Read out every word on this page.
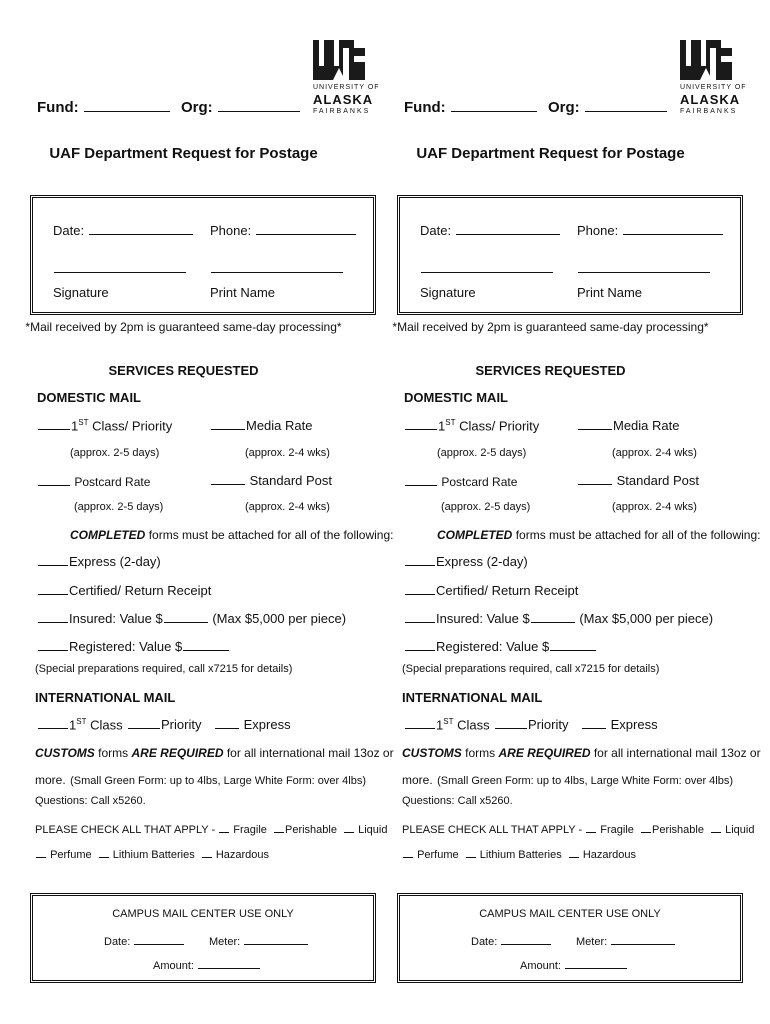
UNIVERSITY OF
ALASKA
FAIRBANKS
Fund:	Org:
UAF Department Request for Postage
Date:	Phone:
Signature	Print Name
*Mail received by 2pm is guaranteed same-day processing*
SERVICES REQUESTED
DOMESTIC MAIL
1ST Class/ Priority	Media Rate
(approx. 2-5 days)	(approx. 2-4 wks)
Postcard Rate	Standard Post
(approx. 2-5 days)	(approx. 2-4 wks)
COMPLETED forms must be attached for all of the following:
Express (2-day)
Certified/ Return Receipt
Insured: Value $	(Max $5,000 per piece)
Registered: Value $
(Special preparations required, call x7215 for details)
INTERNATIONAL MAIL
1ST Class	Priority	Express
CUSTOMS forms ARE REQUIRED for all international mail 13oz or
more. (Small Green Form: up to 4lbs, Large White Form: over 4lbs)
Questions: Call x5260.
PLEASE CHECK ALL THAT APPLY - Fragile Perishable Liquid
Perfume Lithium Batteries Hazardous
CAMPUS MAIL CENTER USE ONLY
Date:	Meter:
Amount:
UNIVERSITY OF
ALASKA
FAIRBANKS
Fund:	Org:
UAF Department Request for Postage
Date:	Phone:
Signature	Print Name
*Mail received by 2pm is guaranteed same-day processing*
SERVICES REQUESTED
DOMESTIC MAIL
1ST Class/ Priority	Media Rate
(approx. 2-5 days)	(approx. 2-4 wks)
Postcard Rate	Standard Post
(approx. 2-5 days)	(approx. 2-4 wks)
COMPLETED forms must be attached for all of the following:
Express (2-day)
Certified/ Return Receipt
Insured: Value $	(Max $5,000 per piece)
Registered: Value $
(Special preparations required, call x7215 for details)
INTERNATIONAL MAIL
1ST Class	Priority	Express
CUSTOMS forms ARE REQUIRED for all international mail 13oz or
more. (Small Green Form: up to 4lbs, Large White Form: over 4lbs)
Questions: Call x5260.
PLEASE CHECK ALL THAT APPLY - Fragile Perishable Liquid
Perfume Lithium Batteries Hazardous
CAMPUS MAIL CENTER USE ONLY
Date:	Meter:
Amount:
